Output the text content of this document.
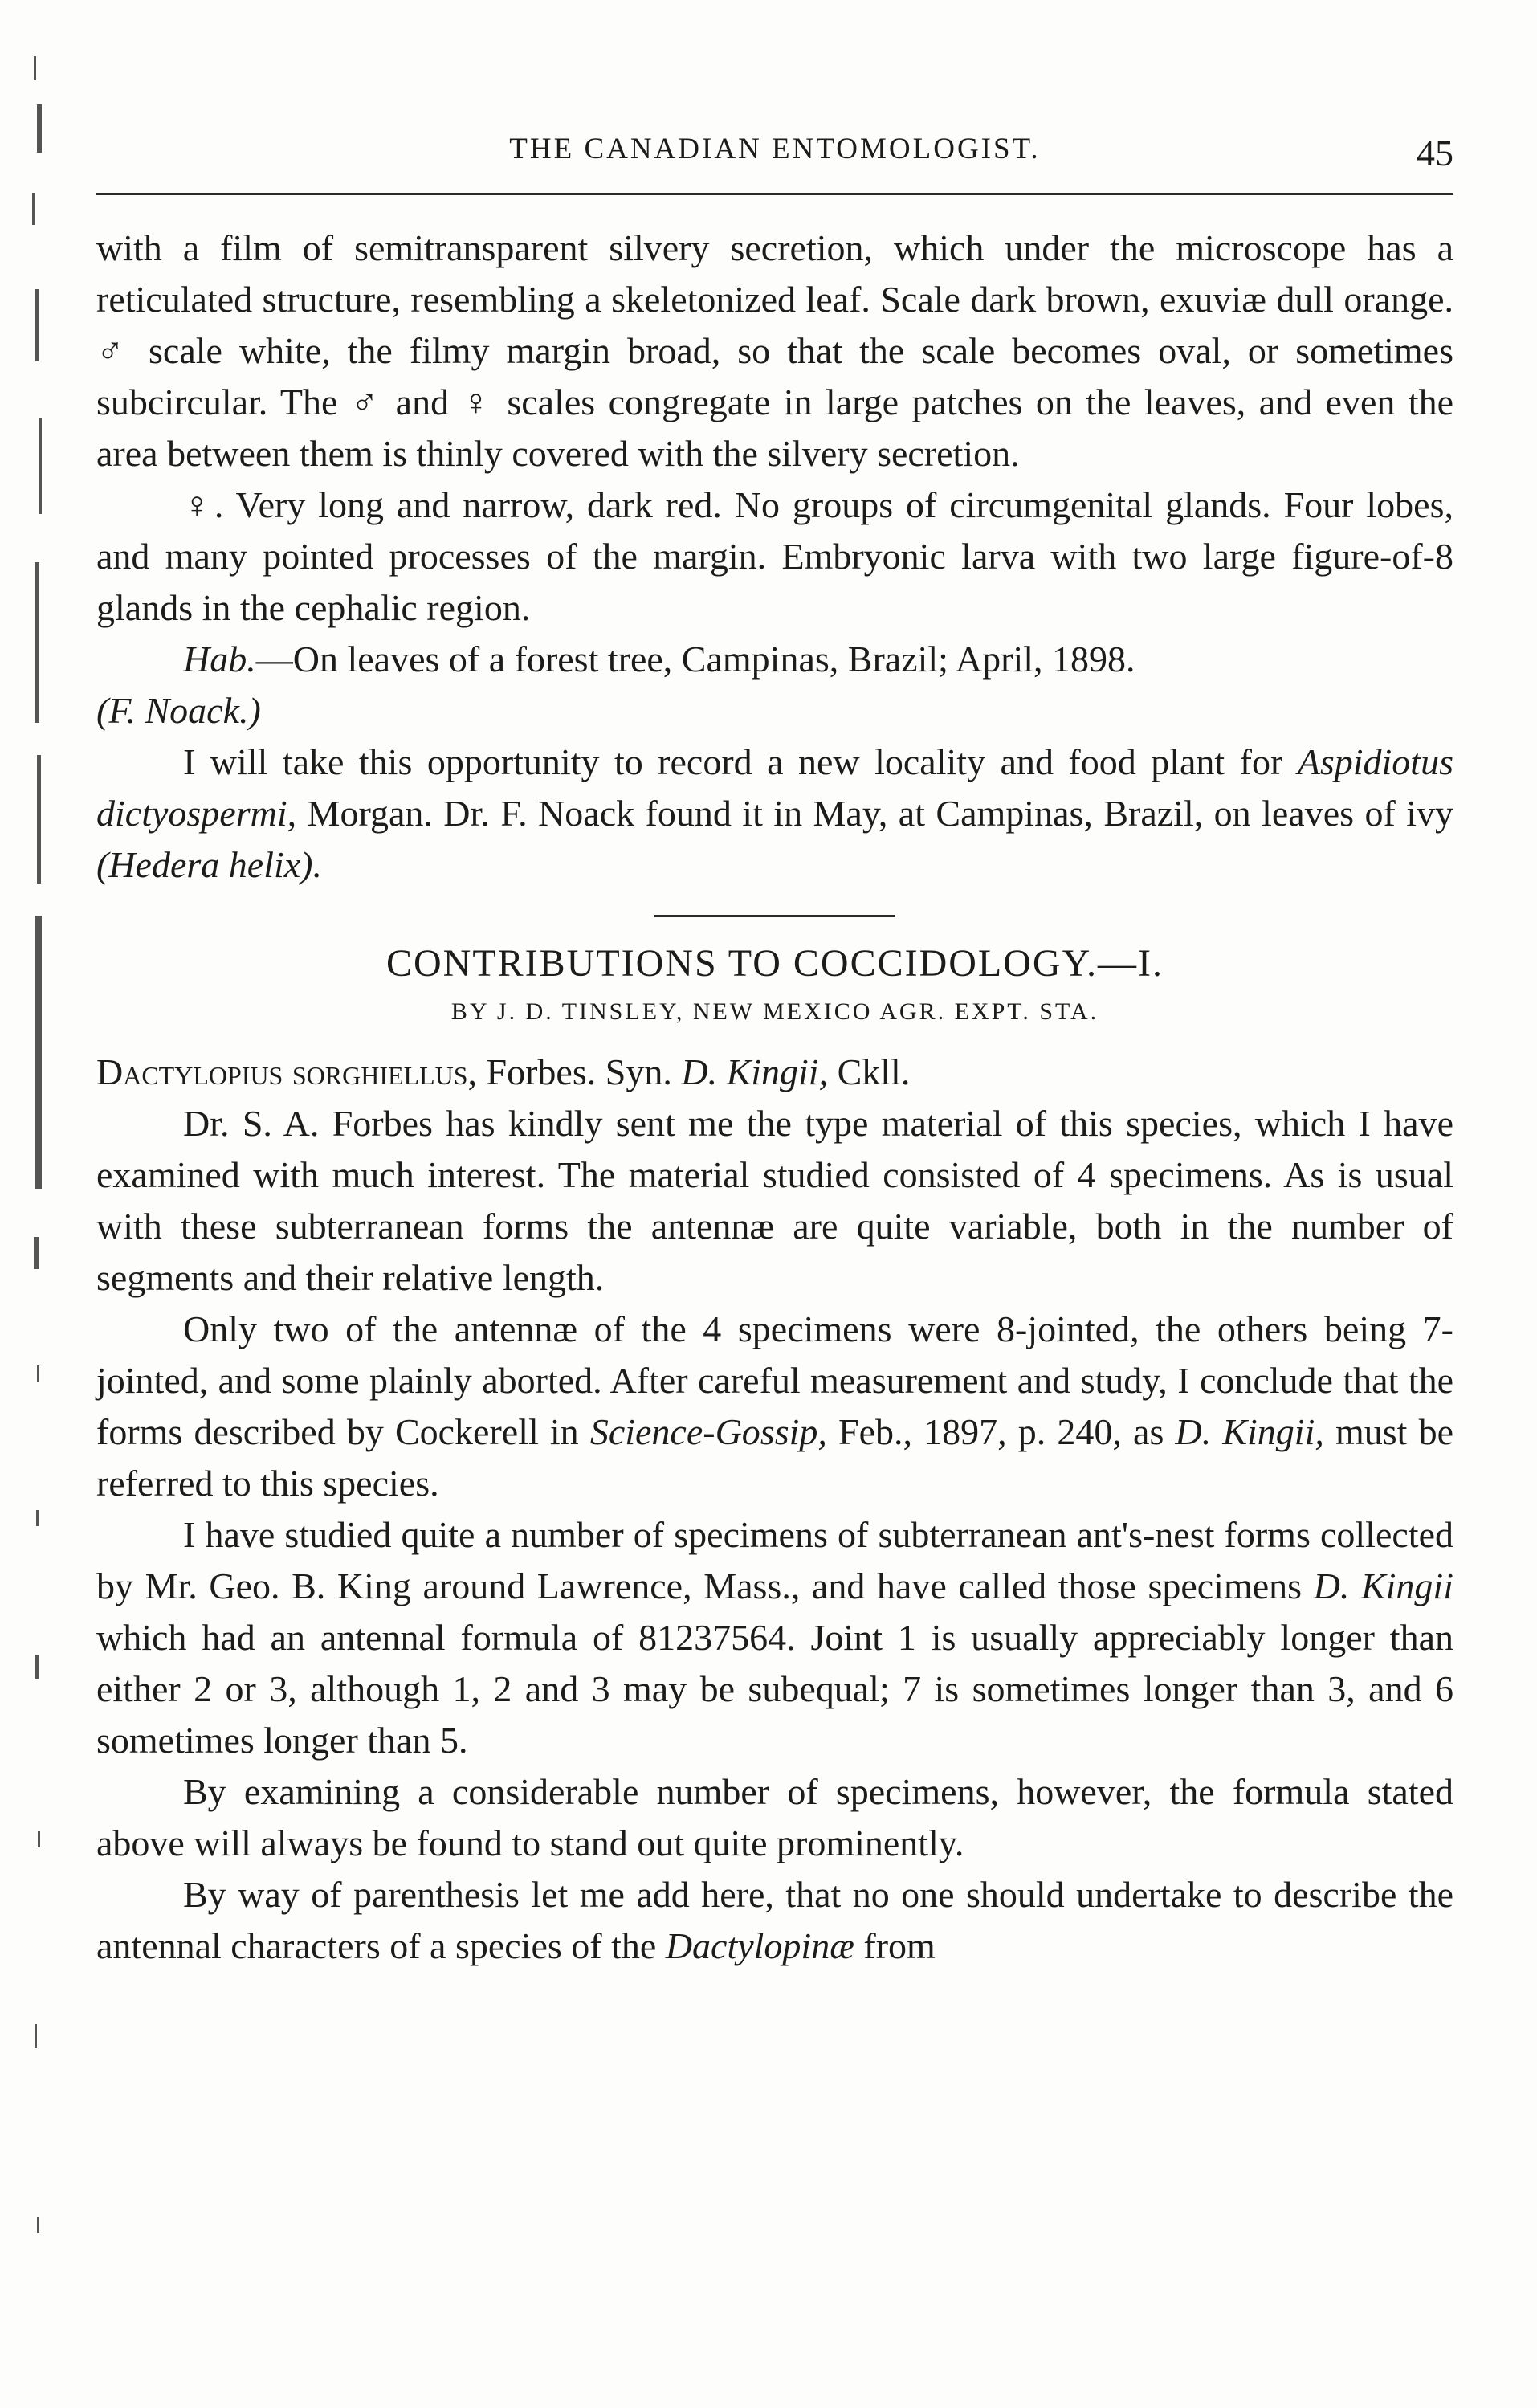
THE CANADIAN ENTOMOLOGIST.	45

with a film of semitransparent silvery secretion, which under the microscope has a reticulated structure, resembling a skeletonized leaf. Scale dark brown, exuviæ dull orange. ♂ scale white, the filmy margin broad, so that the scale becomes oval, or sometimes subcircular. The ♂ and ♀ scales congregate in large patches on the leaves, and even the area between them is thinly covered with the silvery secretion.

♀. Very long and narrow, dark red. No groups of circumgenital glands. Four lobes, and many pointed processes of the margin. Embryonic larva with two large figure-of-8 glands in the cephalic region.

Hab.—On leaves of a forest tree, Campinas, Brazil; April, 1898.
(F. Noack.)

I will take this opportunity to record a new locality and food plant for Aspidiotus dictyospermi, Morgan. Dr. F. Noack found it in May, at Campinas, Brazil, on leaves of ivy (Hedera helix).

CONTRIBUTIONS TO COCCIDOLOGY.—I.
BY J. D. TINSLEY, NEW MEXICO AGR. EXPT. STA.

Dactylopius sorghiellus, Forbes. Syn. D. Kingii, Ckll.

Dr. S. A. Forbes has kindly sent me the type material of this species, which I have examined with much interest. The material studied consisted of 4 specimens. As is usual with these subterranean forms the antennæ are quite variable, both in the number of segments and their relative length.

Only two of the antennæ of the 4 specimens were 8-jointed, the others being 7-jointed, and some plainly aborted. After careful measurement and study, I conclude that the forms described by Cockerell in Science-Gossip, Feb., 1897, p. 240, as D. Kingii, must be referred to this species.

I have studied quite a number of specimens of subterranean ant's-nest forms collected by Mr. Geo. B. King around Lawrence, Mass., and have called those specimens D. Kingii which had an antennal formula of 81237564. Joint 1 is usually appreciably longer than either 2 or 3, although 1, 2 and 3 may be subequal; 7 is sometimes longer than 3, and 6 sometimes longer than 5.

By examining a considerable number of specimens, however, the formula stated above will always be found to stand out quite prominently.

By way of parenthesis let me add here, that no one should undertake to describe the antennal characters of a species of the Dactylopinæ from
